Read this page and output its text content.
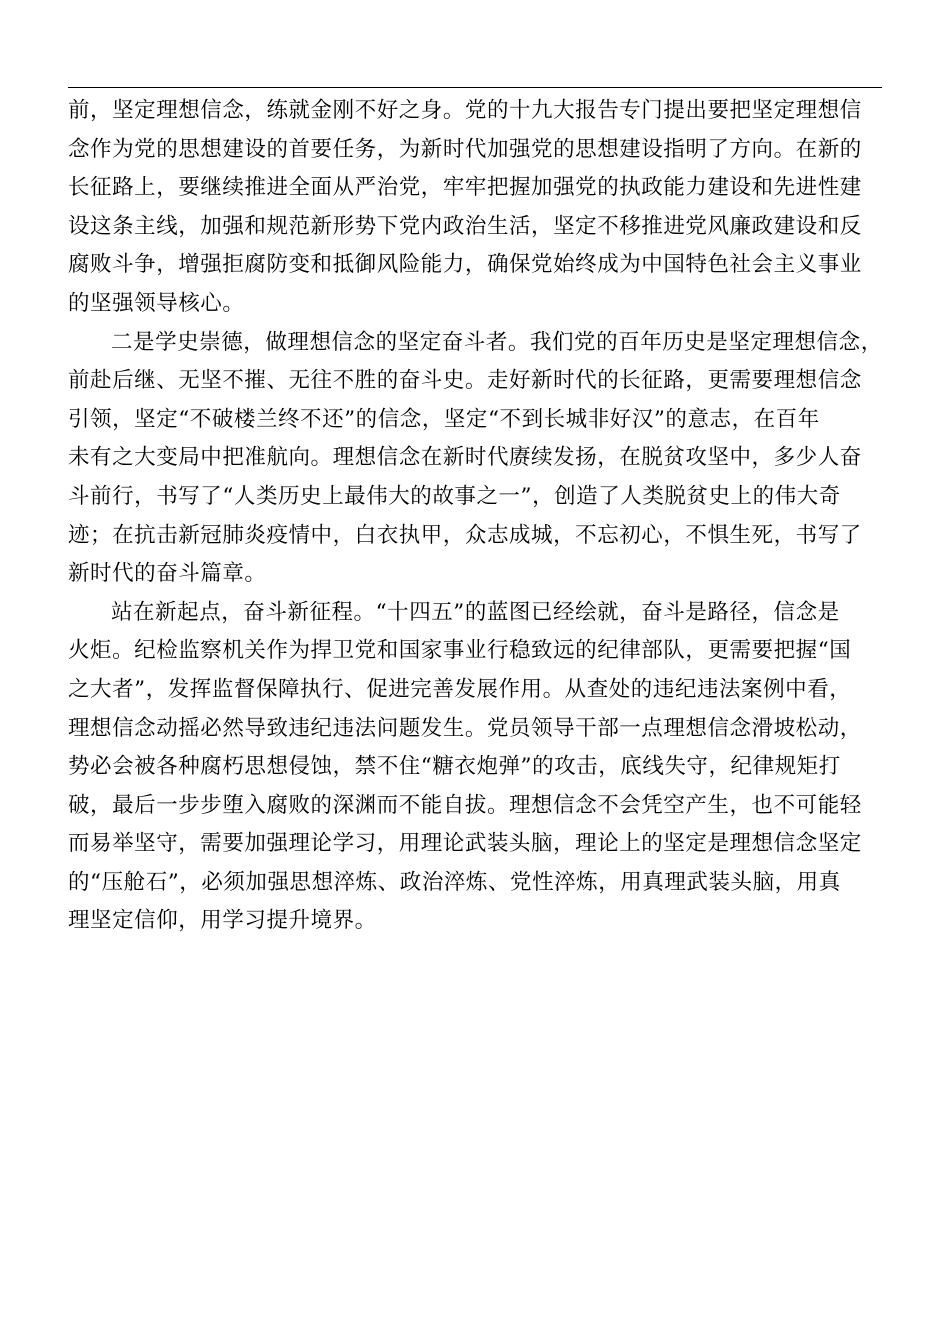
前，坚定理想信念，练就金刚不好之身。党的十九大报告专门提出要把坚定理想信
念作为党的思想建设的首要任务，为新时代加强党的思想建设指明了方向。在新的
长征路上，要继续推进全面从严治党，牢牢把握加强党的执政能力建设和先进性建
设这条主线，加强和规范新形势下党内政治生活，坚定不移推进党风廉政建设和反
腐败斗争，增强拒腐防变和抵御风险能力，确保党始终成为中国特色社会主义事业
的坚强领导核心。

二是学史崇德，做理想信念的坚定奋斗者。我们党的百年历史是坚定理想信念，
前赴后继、无坚不摧、无往不胜的奋斗史。走好新时代的长征路，更需要理想信念
引领，坚定“不破楼兰终不还”的信念，坚定“不到长城非好汉”的意志，在百年
未有之大变局中把准航向。理想信念在新时代赓续发扬，在脱贫攻坚中，多少人奋
斗前行，书写了“人类历史上最伟大的故事之一”，创造了人类脱贫史上的伟大奇
迹；在抗击新冠肺炎疫情中，白衣执甲，众志成城，不忘初心，不惧生死，书写了
新时代的奋斗篇章。

站在新起点，奋斗新征程。“十四五”的蓝图已经绘就，奋斗是路径，信念是
火炬。纪检监察机关作为捍卫党和国家事业行稳致远的纪律部队，更需要把握“国
之大者”，发挥监督保障执行、促进完善发展作用。从查处的违纪违法案例中看，
理想信念动摇必然导致违纪违法问题发生。党员领导干部一点理想信念滑坡松动，
势必会被各种腐朽思想侵蚀，禁不住“糖衣炮弹”的攻击，底线失守，纪律规矩打
破，最后一步步堕入腐败的深渊而不能自拔。理想信念不会凭空产生，也不可能轻
而易举坚守，需要加强理论学习，用理论武装头脑，理论上的坚定是理想信念坚定
的“压舱石”，必须加强思想淬炼、政治淬炼、党性淬炼，用真理武装头脑，用真
理坚定信仰，用学习提升境界。
